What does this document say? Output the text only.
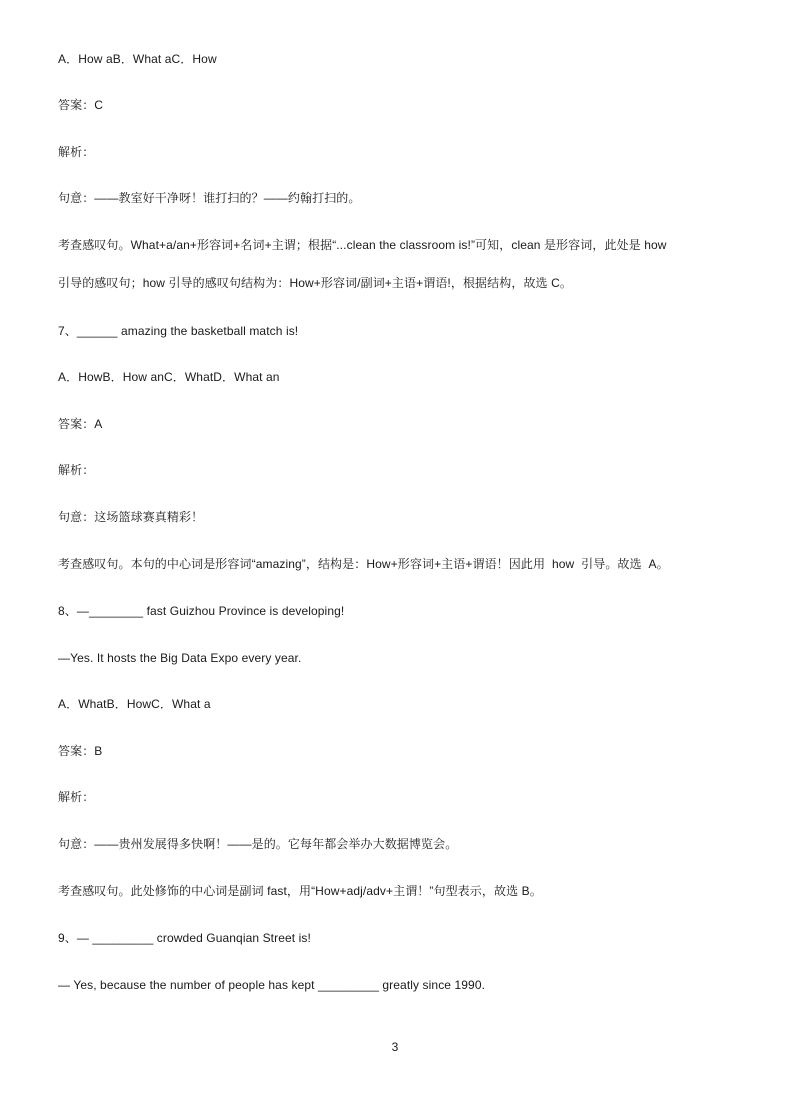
A．How aB．What aC．How
答案：C
解析：
句意：——教室好干净呀！谁打扫的？——约翰打扫的。
考查感叹句。What+a/an+形容词+名词+主谓；根据“...clean the classroom is!”可知，clean 是形容词，此处是 how
引导的感叹句；how 引导的感叹句结构为：How+形容词/副词+主语+谓语!，根据结构，故选 C。
7、______ amazing the basketball match is!
A．HowB．How anC．WhatD．What an
答案：A
解析：
句意：这场篮球赛真精彩！
考查感叹句。本句的中心词是形容词“amazing”，结构是：How+形容词+主语+谓语！因此用  how  引导。故选  A。
8、—________ fast Guizhou Province is developing!
—Yes. It hosts the Big Data Expo every year.
A．WhatB．HowC．What a
答案：B
解析：
句意：——贵州发展得多快啊！——是的。它每年都会举办大数据博览会。
考查感叹句。此处修饰的中心词是副词 fast，用“How+adj/adv+主谓！”句型表示，故选 B。
9、— _________ crowded Guanqian Street is!
— Yes, because the number of people has kept _________ greatly since 1990.
3
